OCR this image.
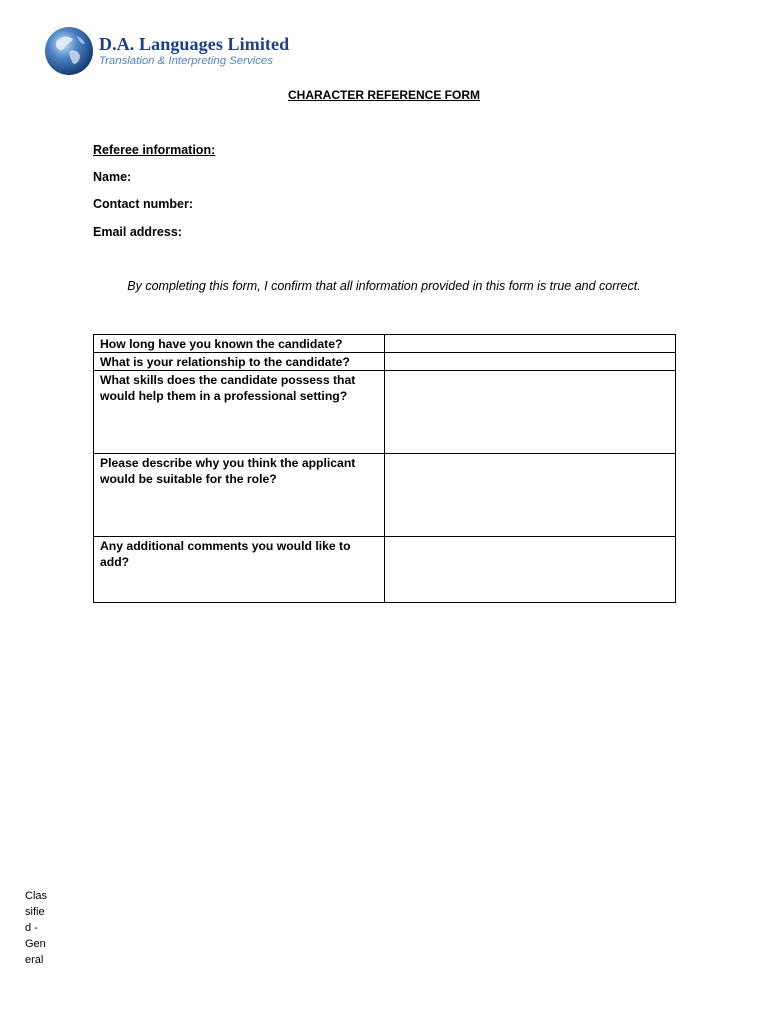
D.A. Languages Limited
Translation & Interpreting Services
CHARACTER REFERENCE FORM
Referee information:
Name:
Contact number:
Email address:
By completing this form, I confirm that all information provided in this form is true and correct.
How long have you known the candidate?	
What is your relationship to the candidate?	
What skills does the candidate possess that would help them in a professional setting?	
Please describe why you think the applicant would be suitable for the role?	
Any additional comments you would like to add?	
Classified - General
